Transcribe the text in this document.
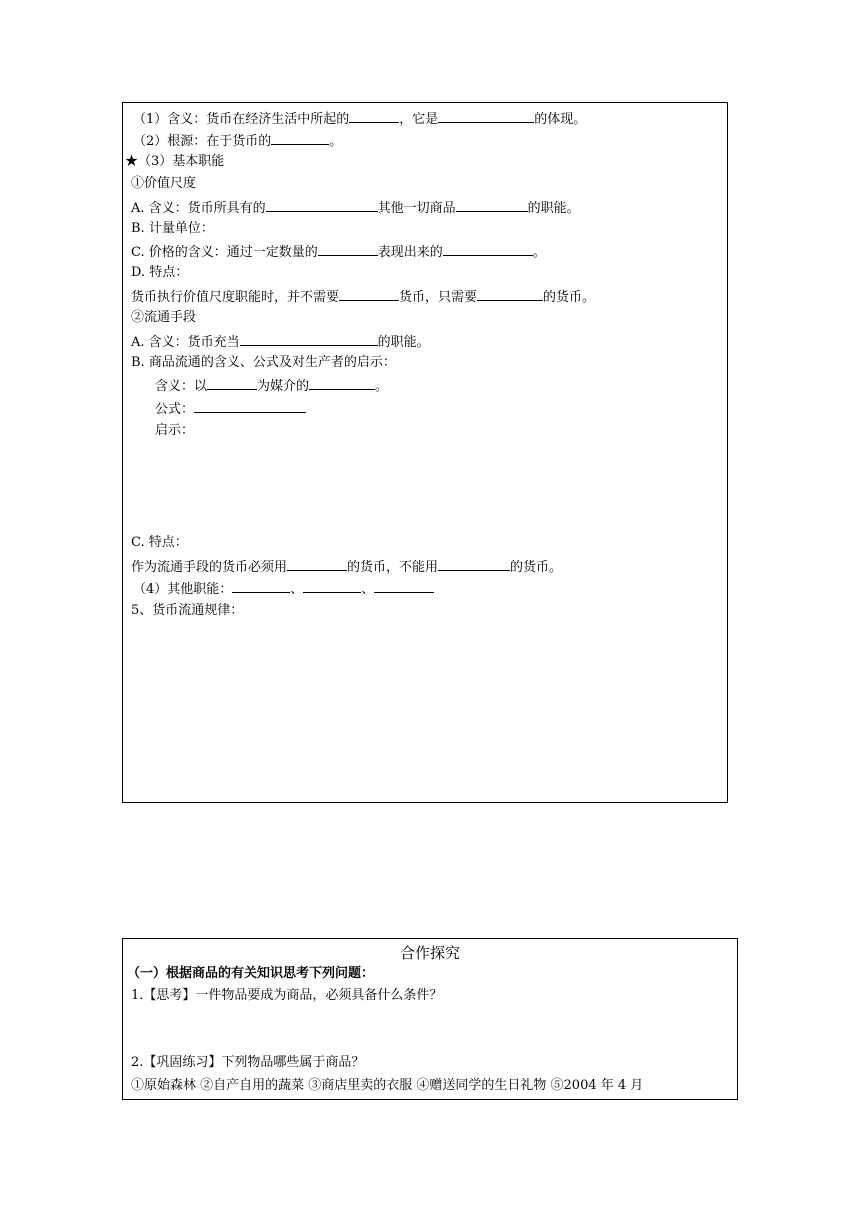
（1）含义：货币在经济生活中所起的	，它是	的体现。
（2）根源：在于货币的	。
★（3）基本职能
①价值尺度
A. 含义：货币所具有的	其他一切商品	的职能。
B. 计量单位：
C. 价格的含义：通过一定数量的	表现出来的	。
D. 特点：
货币执行价值尺度职能时，并不需要	货币，只需要	的货币。
②流通手段
A. 含义：货币充当	的职能。
B. 商品流通的含义、公式及对生产者的启示：
含义：以	为媒介的	。
公式：
启示：
C. 特点：
作为流通手段的货币必须用	的货币，不能用	的货币。
（4）其他职能：	、	、
5、货币流通规律：
合作探究
（一）根据商品的有关知识思考下列问题：
1.【思考】一件物品要成为商品，必须具备什么条件？
2.【巩固练习】下列物品哪些属于商品？
①原始森林 ②自产自用的蔬菜 ③商店里卖的衣服 ④赠送同学的生日礼物 ⑤2004 年 4 月
